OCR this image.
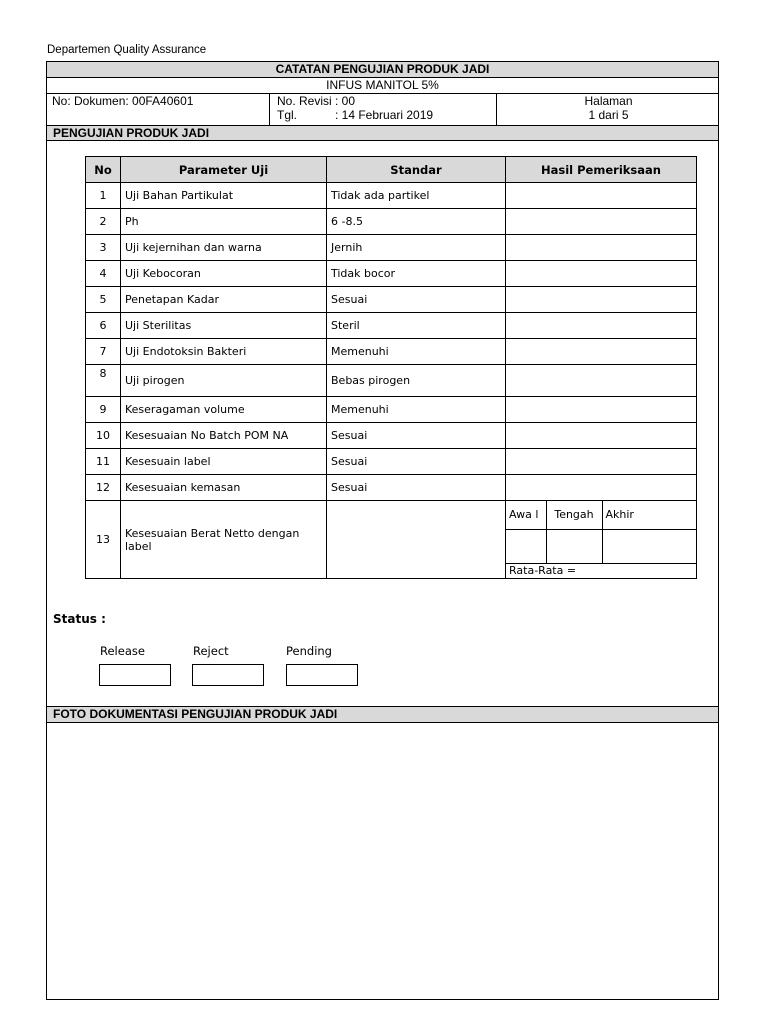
Departemen Quality Assurance
CATATAN PENGUJIAN PRODUK JADI
INFUS MANITOL 5%
No: Dokumen: 00FA40601	No. Revisi : 00
Tgl.	: 14 Februari 2019
Halaman
1 dari 5
PENGUJIAN PRODUK JADI
No	Parameter Uji	Standar	Hasil Pemeriksaan
1	Uji Bahan Partikulat	Tidak ada partikel	
2	Ph	6 -8.5	
3	Uji kejernihan dan warna	Jernih	
4	Uji Kebocoran	Tidak bocor	
5	Penetapan Kadar	Sesuai	
6	Uji Sterilitas	Steril	
7	Uji Endotoksin Bakteri	Memenuhi	
8	Uji pirogen	Bebas pirogen	
9	Keseragaman volume	Memenuhi	
10	Kesesuaian No Batch POM NA	Sesuai	
11	Kesesuain label	Sesuai	
12	Kesesuaian kemasan	Sesuai	
13	Kesesuaian Berat Netto dengan label		
Awa l	Tengah	Akhir

Rata-Rata =
Status :
Release	Reject	Pending
FOTO DOKUMENTASI PENGUJIAN PRODUK JADI
